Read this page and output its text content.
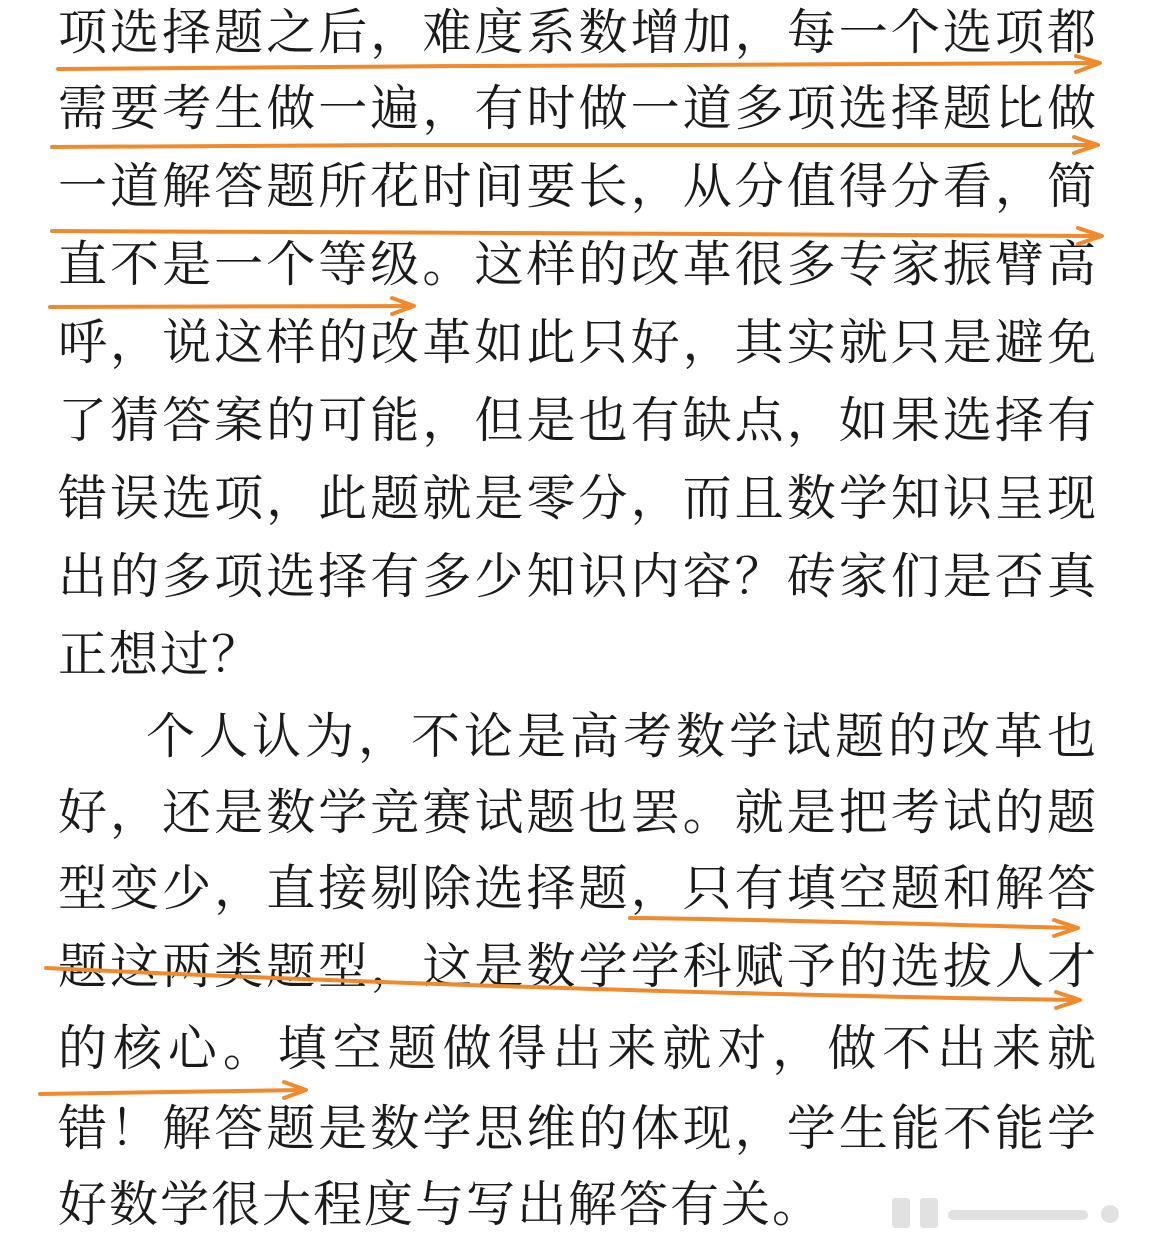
项选择题之后，难度系数增加，每一个选项都
需要考生做一遍，有时做一道多项选择题比做
一道解答题所花时间要长，从分值得分看，简
直不是一个等级。这样的改革很多专家振臂高
呼，说这样的改革如此只好，其实就只是避免
了猜答案的可能，但是也有缺点，如果选择有
错误选项，此题就是零分，而且数学知识呈现
出的多项选择有多少知识内容？砖家们是否真
正想过？
个人认为，不论是高考数学试题的改革也
好，还是数学竞赛试题也罢。就是把考试的题
型变少，直接剔除选择题，只有填空题和解答
题这两类题型，这是数学学科赋予的选拔人才
的核心。填空题做得出来就对，做不出来就
错！解答题是数学思维的体现，学生能不能学
好数学很大程度与写出解答有关。
